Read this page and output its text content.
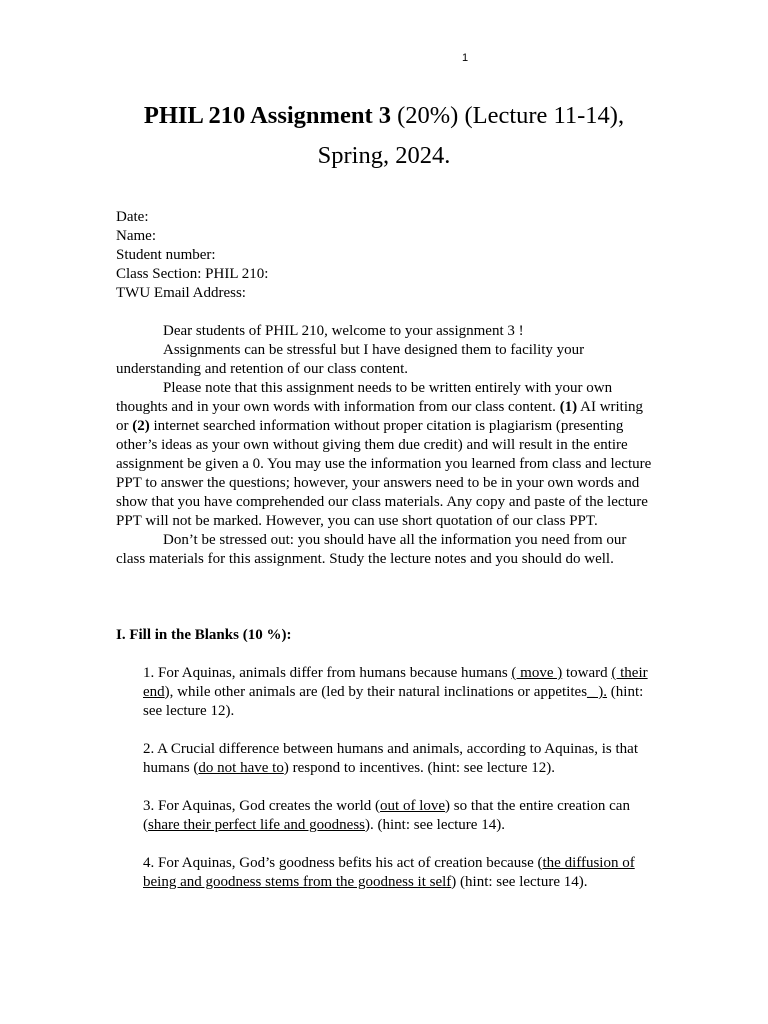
1
PHIL 210 Assignment 3 (20%) (Lecture 11-14),
Spring, 2024.
Date:
Name:
Student number:
Class Section: PHIL 210:
TWU Email Address:

Dear students of PHIL 210, welcome to your assignment 3 !

Assignments can be stressful but I have designed them to facility your understanding and retention of our class content.

Please note that this assignment needs to be written entirely with your own thoughts and in your own words with information from our class content. (1) AI writing or (2) internet searched information without proper citation is plagiarism (presenting other’s ideas as your own without giving them due credit) and will result in the entire assignment be given a 0. You may use the information you learned from class and lecture PPT to answer the questions; however, your answers need to be in your own words and show that you have comprehended our class materials. Any copy and paste of the lecture PPT will not be marked. However, you can use short quotation of our class PPT.

Don’t be stressed out: you should have all the information you need from our class materials for this assignment. Study the lecture notes and you should do well.

I. Fill in the Blanks (10 %):

1. For Aquinas, animals differ from humans because humans ( move ) toward ( their end), while other animals are (led by their natural inclinations or appetites_ ). (hint: see lecture 12).

2. A Crucial difference between humans and animals, according to Aquinas, is that humans (do not have to) respond to incentives. (hint: see lecture 12).

3. For Aquinas, God creates the world (out of love) so that the entire creation can (share their perfect life and goodness). (hint: see lecture 14).

4. For Aquinas, God’s goodness befits his act of creation because (the diffusion of being and goodness stems from the goodness it self) (hint: see lecture 14).
